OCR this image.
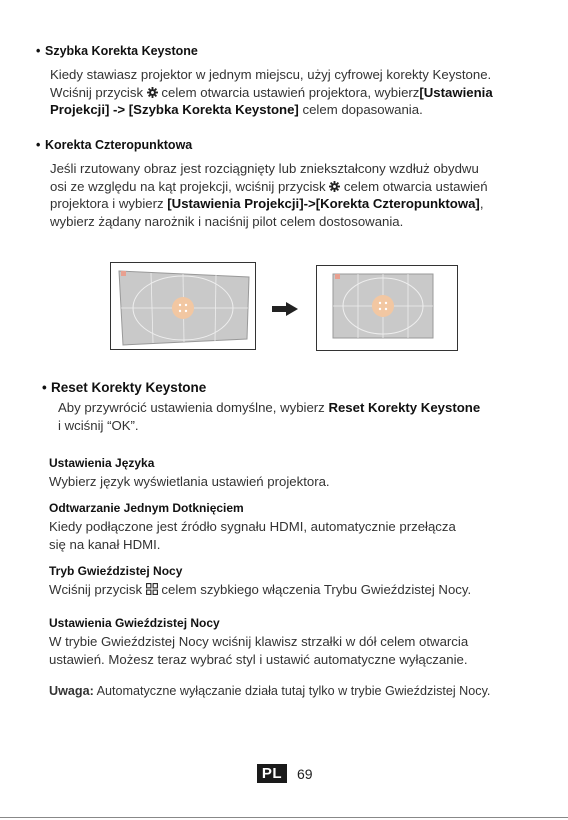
• Szybka Korekta Keystone
Kiedy stawiasz projektor w jednym miejscu, użyj cyfrowej korekty Keystone.
Wciśnij przycisk celem otwarcia ustawień projektora, wybierz[Ustawienia
Projekcji] -> [Szybka Korekta Keystone] celem dopasowania.
• Korekta Czteropunktowa
Jeśli rzutowany obraz jest rozciągnięty lub zniekształcony wzdłuż obydwu
osi ze względu na kąt projekcji, wciśnij przycisk celem otwarcia ustawień
projektora i wybierz [Ustawienia Projekcji]->[Korekta Czteropunktowa],
wybierz żądany narożnik i naciśnij pilot celem dostosowania.
• Reset Korekty Keystone
Aby przywrócić ustawienia domyślne, wybierz Reset Korekty Keystone
i wciśnij “OK”.
Ustawienia Języka
Wybierz język wyświetlania ustawień projektora.
Odtwarzanie Jednym Dotknięciem
Kiedy podłączone jest źródło sygnału HDMI, automatycznie przełącza
się na kanał HDMI.
Tryb Gwieździstej Nocy
Wciśnij przycisk celem szybkiego włączenia Trybu Gwieździstej Nocy.
Ustawienia Gwieździstej Nocy
W trybie Gwieździstej Nocy wciśnij klawisz strzałki w dół celem otwarcia
ustawień. Możesz teraz wybrać styl i ustawić automatyczne wyłączanie.
Uwaga: Automatyczne wyłączanie działa tutaj tylko w trybie Gwieździstej Nocy.
PL	69
